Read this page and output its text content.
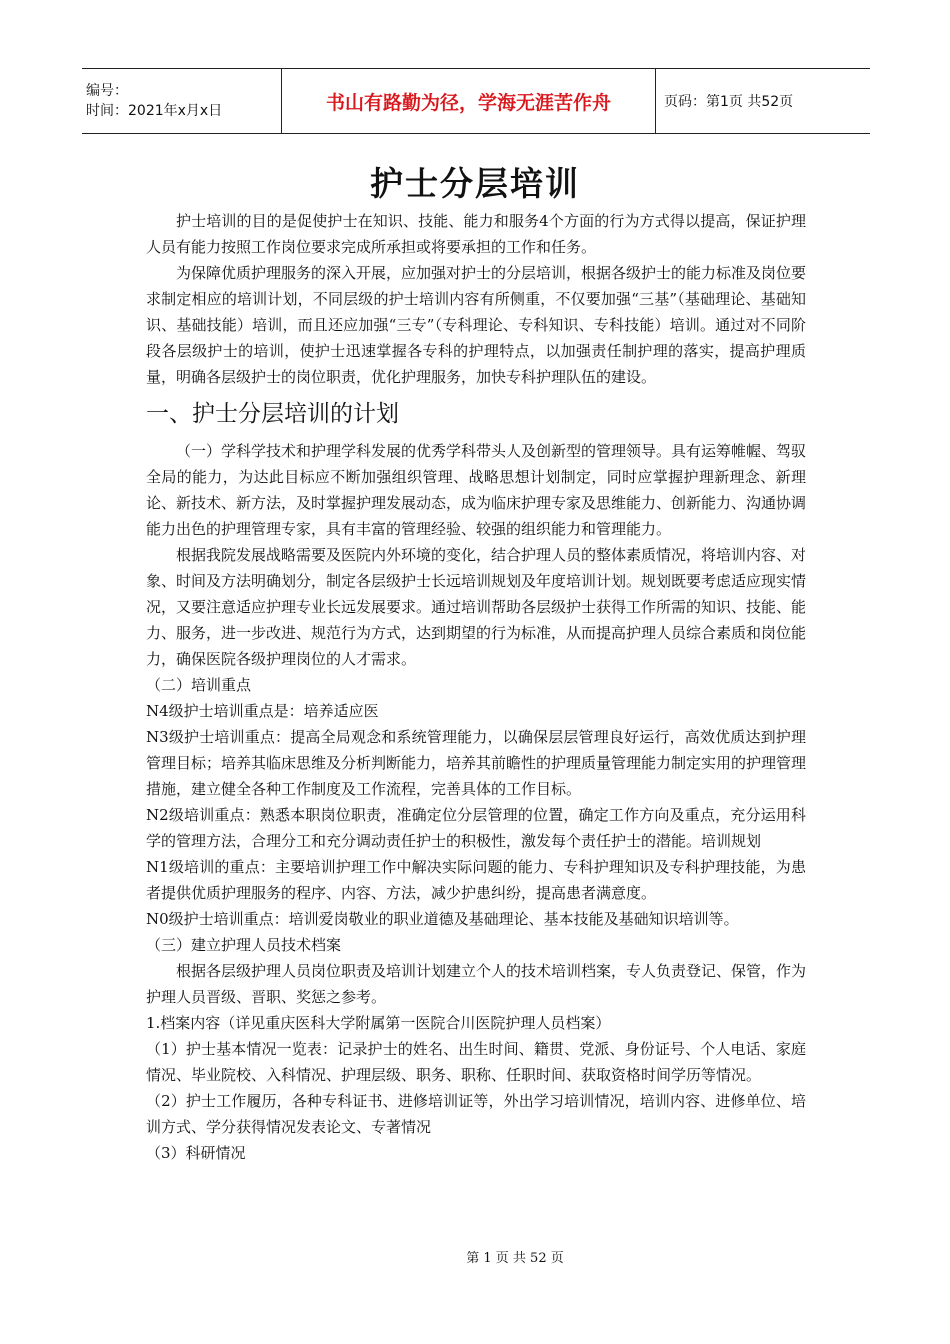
编号：
时间：2021年x月x日	书山有路勤为径，学海无涯苦作舟	页码：第1页 共52页
护士分层培训

护士培训的目的是促使护士在知识、技能、能力和服务4个方面的行为方式得以提高，保证护理人员有能力按照工作岗位要求完成所承担或将要承担的工作和任务。

为保障优质护理服务的深入开展，应加强对护士的分层培训，根据各级护士的能力标准及岗位要求制定相应的培训计划，不同层级的护士培训内容有所侧重，不仅要加强“三基”（基础理论、基础知识、基础技能）培训，而且还应加强“三专”（专科理论、专科知识、专科技能）培训。通过对不同阶段各层级护士的培训，使护士迅速掌握各专科的护理特点，以加强责任制护理的落实，提高护理质量，明确各层级护士的岗位职责，优化护理服务，加快专科护理队伍的建设。

一、护士分层培训的计划

（一）学科学技术和护理学科发展的优秀学科带头人及创新型的管理领导。具有运筹帷幄、驾驭全局的能力，为达此目标应不断加强组织管理、战略思想计划制定，同时应掌握护理新理念、新理论、新技术、新方法，及时掌握护理发展动态，成为临床护理专家及思维能力、创新能力、沟通协调能力出色的护理管理专家，具有丰富的管理经验、较强的组织能力和管理能力。

根据我院发展战略需要及医院内外环境的变化，结合护理人员的整体素质情况，将培训内容、对象、时间及方法明确划分，制定各层级护士长远培训规划及年度培训计划。规划既要考虑适应现实情况，又要注意适应护理专业长远发展要求。通过培训帮助各层级护士获得工作所需的知识、技能、能力、服务，进一步改进、规范行为方式，达到期望的行为标准，从而提高护理人员综合素质和岗位能力，确保医院各级护理岗位的人才需求。

（二）培训重点

N4级护士培训重点是：培养适应医

N3级护士培训重点：提高全局观念和系统管理能力，以确保层层管理良好运行，高效优质达到护理管理目标；培养其临床思维及分析判断能力，培养其前瞻性的护理质量管理能力制定实用的护理管理措施，建立健全各种工作制度及工作流程，完善具体的工作目标。

N2级培训重点：熟悉本职岗位职责，准确定位分层管理的位置，确定工作方向及重点，充分运用科学的管理方法，合理分工和充分调动责任护士的积极性，激发每个责任护士的潜能。培训规划

N1级培训的重点：主要培训护理工作中解决实际问题的能力、专科护理知识及专科护理技能，为患者提供优质护理服务的程序、内容、方法，减少护患纠纷，提高患者满意度。

N0级护士培训重点：培训爱岗敬业的职业道德及基础理论、基本技能及基础知识培训等。

（三）建立护理人员技术档案

根据各层级护理人员岗位职责及培训计划建立个人的技术培训档案，专人负责登记、保管，作为护理人员晋级、晋职、奖惩之参考。

1.档案内容（详见重庆医科大学附属第一医院合川医院护理人员档案）

（1）护士基本情况一览表：记录护士的姓名、出生时间、籍贯、党派、身份证号、个人电话、家庭情况、毕业院校、入科情况、护理层级、职务、职称、任职时间、获取资格时间学历等情况。

（2）护士工作履历，各种专科证书、进修培训证等，外出学习培训情况，培训内容、进修单位、培训方式、学分获得情况发表论文、专著情况

（3）科研情况

第 1 页 共 52 页
